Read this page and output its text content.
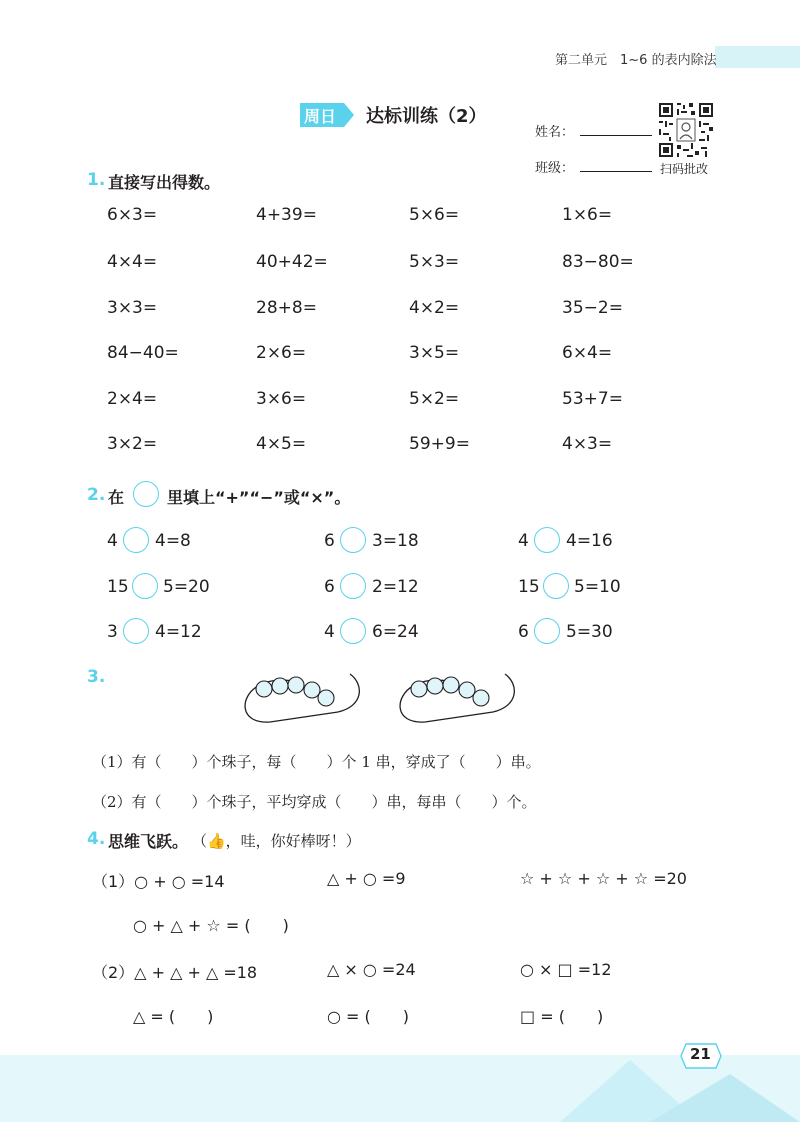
第二单元　1~6 的表内除法
周日 达标训练（2）
姓名：
班级：	扫码批改
1. 直接写出得数。
6×3=	4+39=	5×6=	1×6=
4×4=	40+42=	5×3=	83−80=
3×3=	28+8=	4×2=	35−2=
84−40=	2×6=	3×5=	6×4=
2×4=	3×6=	5×2=	53+7=
3×2=	4×5=	59+9=	4×3=
2. 在	里填上“+”“−”或“×”。
4 4=8	6 3=18	4 4=16
15 5=20	6 2=12	15 5=10
3 4=12	4 6=24	6 5=30
3.
（1）有（　　）个珠子，每（　　）个 1 串，穿成了（　　）串。
（2）有（　　）个珠子，平均穿成（　　）串，每串（　　）个。
4. 思维飞跃。 （👍，哇，你好棒呀！）
（1）○ + ○ =14	△ + ○ =9	☆ + ☆ + ☆ + ☆ =20
○ + △ + ☆ = (　　)
（2）△ + △ + △ =18	△ × ○ =24	○ × □ =12
△ = (　　)	○ = (　　)	□ = (　　)
21
